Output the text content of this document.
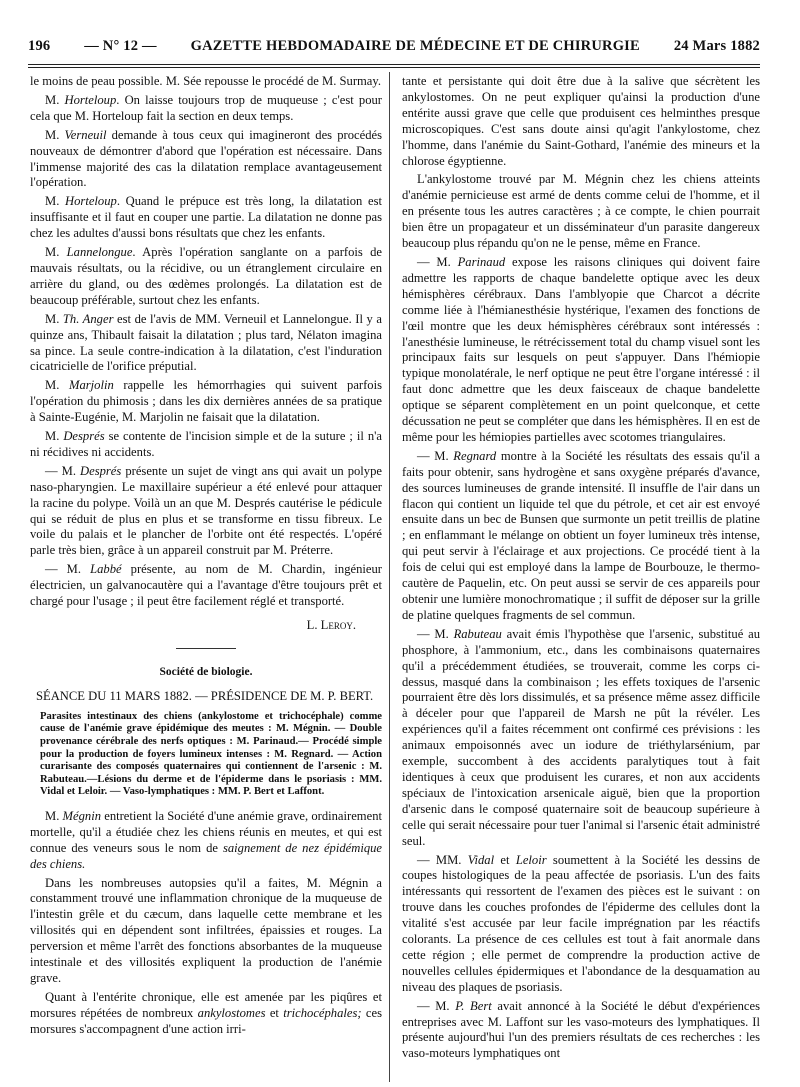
196 — N° 12 — GAZETTE HEBDOMADAIRE DE MÉDECINE ET DE CHIRURGIE 24 Mars 1882

le moins de peau possible. M. Sée repousse le procédé de M. Surmay.

M. Horteloup. On laisse toujours trop de muqueuse ; c'est pour cela que M. Horteloup fait la section en deux temps.

M. Verneuil demande à tous ceux qui imagineront des procédés nouveaux de démontrer d'abord que l'opération est nécessaire. Dans l'immense majorité des cas la dilatation remplace avantageusement l'opération.

M. Horteloup. Quand le prépuce est très long, la dilatation est insuffisante et il faut en couper une partie. La dilatation ne donne pas chez les adultes d'aussi bons résultats que chez les enfants.

M. Lannelongue. Après l'opération sanglante on a parfois de mauvais résultats, ou la récidive, ou un étranglement circulaire en arrière du gland, ou des œdèmes prolongés. La dilatation est de beaucoup préférable, surtout chez les enfants.

M. Th. Anger est de l'avis de MM. Verneuil et Lannelongue. Il y a quinze ans, Thibault faisait la dilatation ; plus tard, Nélaton imagina sa pince. La seule contre-indication à la dilatation, c'est l'induration cicatricielle de l'orifice préputial.

M. Marjolin rappelle les hémorrhagies qui suivent parfois l'opération du phimosis ; dans les dix dernières années de sa pratique à Sainte-Eugénie, M. Marjolin ne faisait que la dilatation.

M. Després se contente de l'incision simple et de la suture ; il n'a ni récidives ni accidents.

— M. Després présente un sujet de vingt ans qui avait un polype naso-pharyngien. Le maxillaire supérieur a été enlevé pour attaquer la racine du polype. Voilà un an que M. Després cautérise le pédicule qui se réduit de plus en plus et se transforme en tissu fibreux. Le voile du palais et le plancher de l'orbite ont été respectés. L'opéré parle très bien, grâce à un appareil construit par M. Préterre.

— M. Labbé présente, au nom de M. Chardin, ingénieur électricien, un galvanocautère qui a l'avantage d'être toujours prêt et chargé pour l'usage ; il peut être facilement réglé et transporté.

L. Leroy.

Société de biologie.

SÉANCE DU 11 MARS 1882. — PRÉSIDENCE DE M. P. BERT.

Parasites intestinaux des chiens (ankylostome et trichocéphale) comme cause de l'anémie grave épidémique des meutes : M. Mégnin. — Double provenance cérébrale des nerfs optiques : M. Parinaud.— Procédé simple pour la production de foyers lumineux intenses : M. Regnard. — Action curarisante des composés quaternaires qui contiennent de l'arsenic : M. Rabuteau.—Lésions du derme et de l'épiderme dans le psoriasis : MM. Vidal et Leloir. — Vaso-lymphatiques : MM. P. Bert et Laffont.

M. Mégnin entretient la Société d'une anémie grave, ordinairement mortelle, qu'il a étudiée chez les chiens réunis en meutes, et qui est connue des veneurs sous le nom de saignement de nez épidémique des chiens.

Dans les nombreuses autopsies qu'il a faites, M. Mégnin a constamment trouvé une inflammation chronique de la muqueuse de l'intestin grêle et du cæcum, dans laquelle cette membrane et les villosités qui en dépendent sont infiltrées, épaissies et rouges. La perversion et même l'arrêt des fonctions absorbantes de la muqueuse intestinale et des villosités expliquent la production de l'anémie grave.

Quant à l'entérite chronique, elle est amenée par les piqûres et morsures répétées de nombreux ankylostomes et trichocéphales; ces morsures s'accompagnent d'une action irri-

tante et persistante qui doit être due à la salive que sécrètent les ankylostomes. On ne peut expliquer qu'ainsi la production d'une entérite aussi grave que celle que produisent ces helminthes presque microscopiques. C'est sans doute ainsi qu'agit l'ankylostome, chez l'homme, dans l'anémie du Saint-Gothard, l'anémie des mineurs et la chlorose égyptienne.

L'ankylostome trouvé par M. Mégnin chez les chiens atteints d'anémie pernicieuse est armé de dents comme celui de l'homme, et il en présente tous les autres caractères ; à ce compte, le chien pourrait bien être un propagateur et un disséminateur d'un parasite dangereux beaucoup plus répandu qu'on ne le pense, même en France.

— M. Parinaud expose les raisons cliniques qui doivent faire admettre les rapports de chaque bandelette optique avec les deux hémisphères cérébraux. Dans l'amblyopie que Charcot a décrite comme liée à l'hémianesthésie hystérique, l'examen des fonctions de l'œil montre que les deux hémisphères cérébraux sont intéressés : l'anesthésie lumineuse, le rétrécissement total du champ visuel sont les principaux faits sur lesquels on peut s'appuyer. Dans l'hémiopie typique monolatérale, le nerf optique ne peut être l'organe intéressé : il faut donc admettre que les deux faisceaux de chaque bandelette optique se séparent complètement en un point quelconque, et cette décussation ne peut se compléter que dans les hémisphères. Il en est de même pour les hémiopies partielles avec scotomes triangulaires.

— M. Regnard montre à la Société les résultats des essais qu'il a faits pour obtenir, sans hydrogène et sans oxygène préparés d'avance, des sources lumineuses de grande intensité. Il insuffle de l'air dans un flacon qui contient un liquide tel que du pétrole, et cet air est envoyé ensuite dans un bec de Bunsen que surmonte un petit treillis de platine ; en enflammant le mélange on obtient un foyer lumineux très intense, qui peut servir à l'éclairage et aux projections. Ce procédé tient à la fois de celui qui est employé dans la lampe de Bourbouze, le thermo-cautère de Paquelin, etc. On peut aussi se servir de ces appareils pour obtenir une lumière monochromatique ; il suffit de déposer sur la grille de platine quelques fragments de sel commun.

— M. Rabuteau avait émis l'hypothèse que l'arsenic, substitué au phosphore, à l'ammonium, etc., dans les combinaisons quaternaires qu'il a précédemment étudiées, se trouverait, comme les corps ci-dessus, masqué dans la combinaison ; les effets toxiques de l'arsenic pourraient être dès lors dissimulés, et sa présence même assez difficile à déceler pour que l'appareil de Marsh ne pût la révéler. Les expériences qu'il a faites récemment ont confirmé ces prévisions : les animaux empoisonnés avec un iodure de triéthylarsénium, par exemple, succombent à des accidents paralytiques tout à fait identiques à ceux que produisent les curares, et non aux accidents spéciaux de l'intoxication arsenicale aiguë, bien que la proportion d'arsenic dans le composé quaternaire soit de beaucoup supérieure à celle qui serait nécessaire pour tuer l'animal si l'arsenic était administré seul.

— MM. Vidal et Leloir soumettent à la Société les dessins de coupes histologiques de la peau affectée de psoriasis. L'un des faits intéressants qui ressortent de l'examen des pièces est le suivant : on trouve dans les couches profondes de l'épiderme des cellules dont la vitalité s'est accusée par leur facile imprégnation par les réactifs colorants. La présence de ces cellules est tout à fait anormale dans cette région ; elle permet de comprendre la production active de nouvelles cellules épidermiques et l'abondance de la desquamation au niveau des plaques de psoriasis.

— M. P. Bert avait annoncé à la Société le début d'expériences entreprises avec M. Laffont sur les vaso-moteurs des lymphatiques. Il présente aujourd'hui l'un des premiers résultats de ces recherches : les vaso-moteurs lymphatiques ont
